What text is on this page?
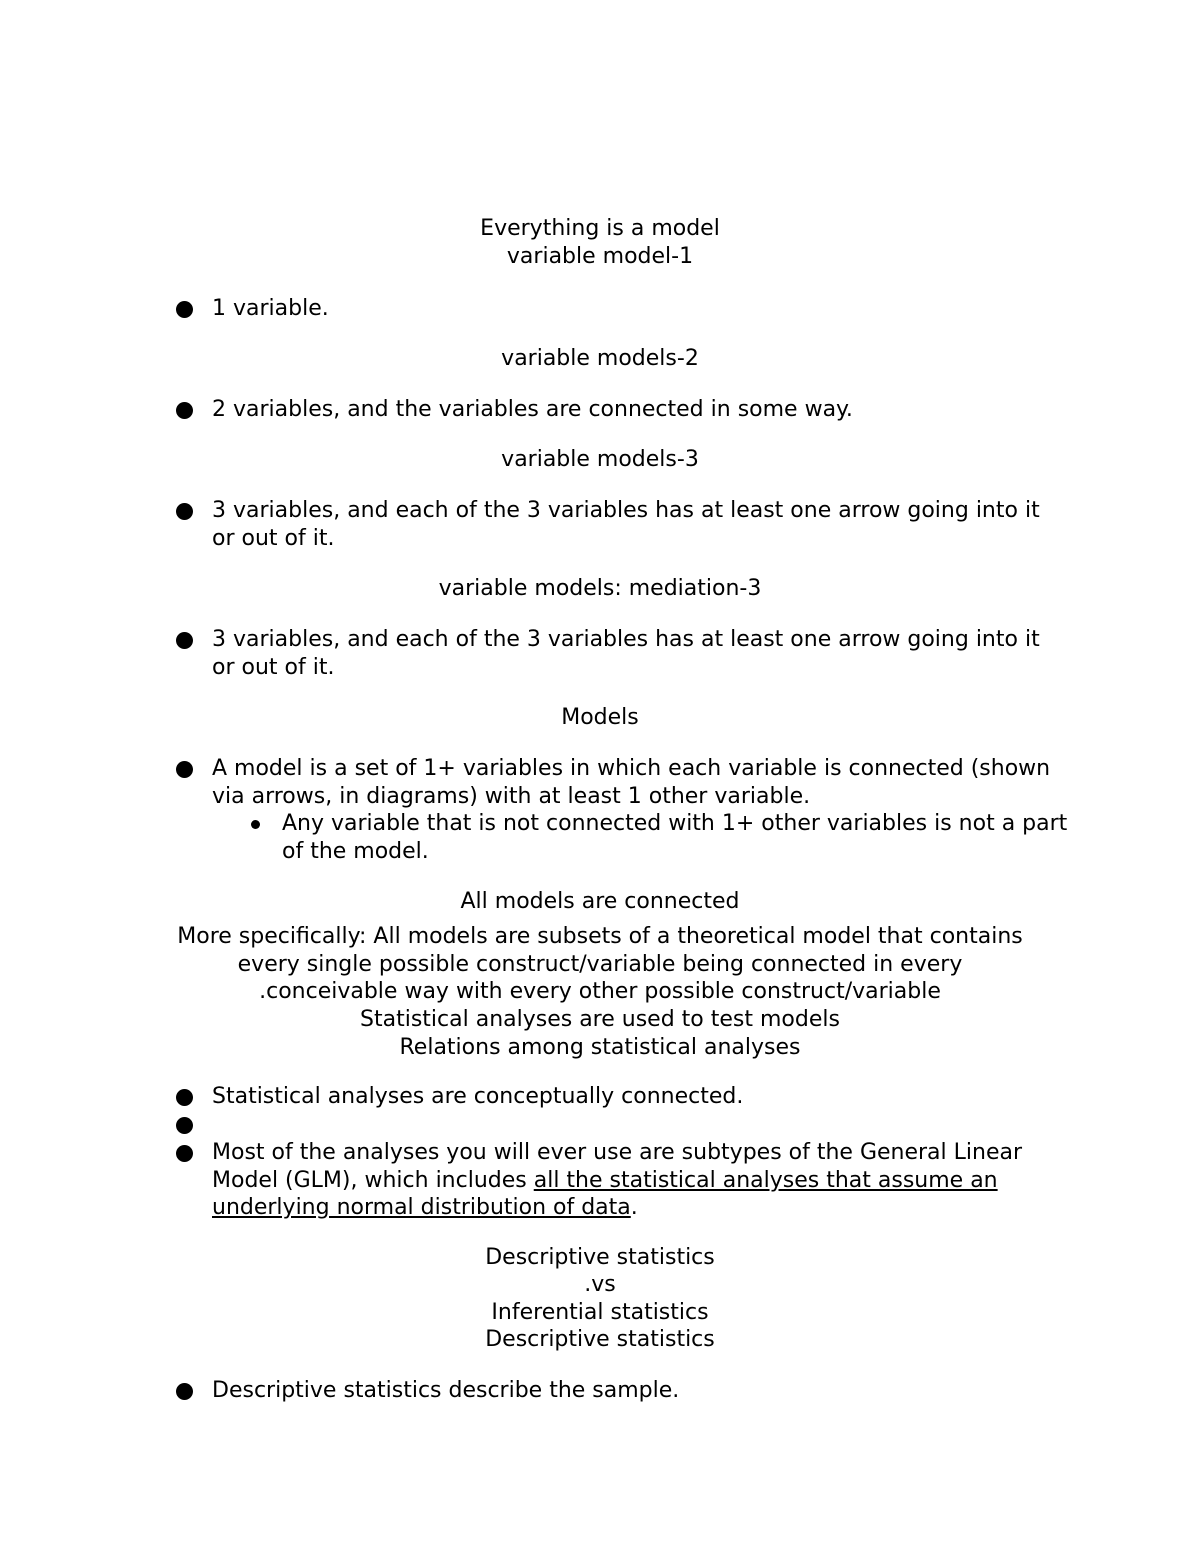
Everything is a model
variable model-1
1 variable.
variable models-2
2 variables, and the variables are connected in some way.
variable models-3
3 variables, and each of the 3 variables has at least one arrow going into it or out of it.
variable models: mediation-3
3 variables, and each of the 3 variables has at least one arrow going into it or out of it.
Models
A model is a set of 1+ variables in which each variable is connected (shown via arrows, in diagrams) with at least 1 other variable.
Any variable that is not connected with 1+ other variables is not a part of the model.
All models are connected
More specifically: All models are subsets of a theoretical model that contains
every single possible construct/variable being connected in every
.conceivable way with every other possible construct/variable
Statistical analyses are used to test models
Relations among statistical analyses
Statistical analyses are conceptually connected.
Most of the analyses you will ever use are subtypes of the General Linear Model (GLM), which includes all the statistical analyses that assume an underlying normal distribution of data.
Descriptive statistics
.vs
Inferential statistics
Descriptive statistics
Descriptive statistics describe the sample.
